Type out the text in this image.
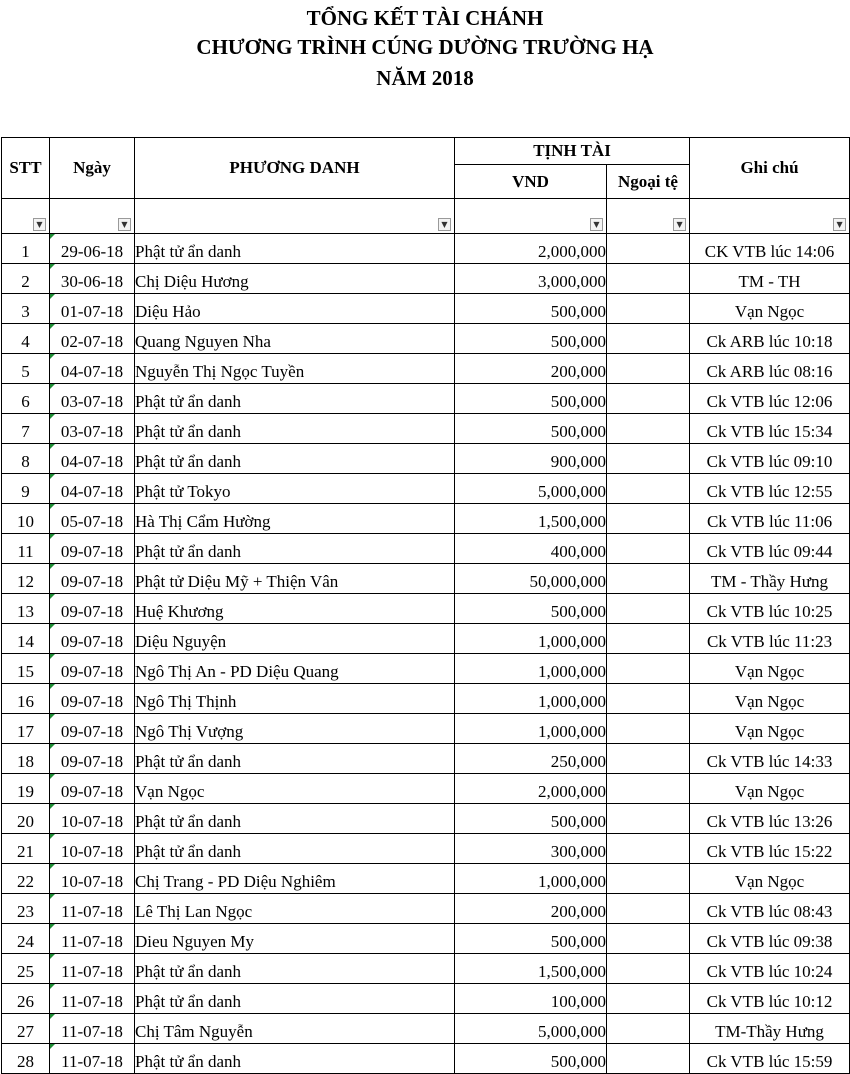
TỔNG KẾT TÀI CHÁNH
CHƯƠNG TRÌNH CÚNG DƯỜNG TRƯỜNG HẠ
NĂM 2018
STT	Ngày	PHƯƠNG DANH	TỊNH TÀI		Ghi chú
			VND	Ngoại tệ	

▼	▼	▼	▼	▼	▼

1	29-06-18	Phật tử ẩn danh	2,000,000		CK VTB lúc 14:06
2	30-06-18	Chị Diệu Hương	3,000,000		TM - TH
3	01-07-18	Diệu Hảo	500,000		Vạn Ngọc
4	02-07-18	Quang Nguyen Nha	500,000		Ck ARB lúc 10:18
5	04-07-18	Nguyễn Thị Ngọc Tuyền	200,000		Ck ARB lúc 08:16
6	03-07-18	Phật tử ẩn danh	500,000		Ck VTB lúc 12:06
7	03-07-18	Phật tử ẩn danh	500,000		Ck VTB lúc 15:34
8	04-07-18	Phật tử ẩn danh	900,000		Ck VTB lúc 09:10
9	04-07-18	Phật tử Tokyo	5,000,000		Ck VTB lúc 12:55
10	05-07-18	Hà Thị Cẩm Hường	1,500,000		Ck VTB lúc 11:06
11	09-07-18	Phật tử ẩn danh	400,000		Ck VTB lúc 09:44
12	09-07-18	Phật tử Diệu Mỹ + Thiện Vân	50,000,000		TM - Thầy Hưng
13	09-07-18	Huệ Khương	500,000		Ck VTB lúc 10:25
14	09-07-18	Diệu Nguyện	1,000,000		Ck VTB lúc 11:23
15	09-07-18	Ngô Thị An - PD Diệu Quang	1,000,000		Vạn Ngọc
16	09-07-18	Ngô Thị Thịnh	1,000,000		Vạn Ngọc
17	09-07-18	Ngô Thị Vượng	1,000,000		Vạn Ngọc
18	09-07-18	Phật tử ẩn danh	250,000		Ck VTB lúc 14:33
19	09-07-18	Vạn Ngọc	2,000,000		Vạn Ngọc
20	10-07-18	Phật tử ẩn danh	500,000		Ck VTB lúc 13:26
21	10-07-18	Phật tử ẩn danh	300,000		Ck VTB lúc 15:22
22	10-07-18	Chị Trang - PD Diệu Nghiêm	1,000,000		Vạn Ngọc
23	11-07-18	Lê Thị Lan Ngọc	200,000		Ck VTB lúc 08:43
24	11-07-18	Dieu Nguyen My	500,000		Ck VTB lúc 09:38
25	11-07-18	Phật tử ẩn danh	1,500,000		Ck VTB lúc 10:24
26	11-07-18	Phật tử ẩn danh	100,000		Ck VTB lúc 10:12
27	11-07-18	Chị Tâm Nguyễn	5,000,000		TM-Thầy Hưng
28	11-07-18	Phật tử ẩn danh	500,000		Ck VTB lúc 15:59
